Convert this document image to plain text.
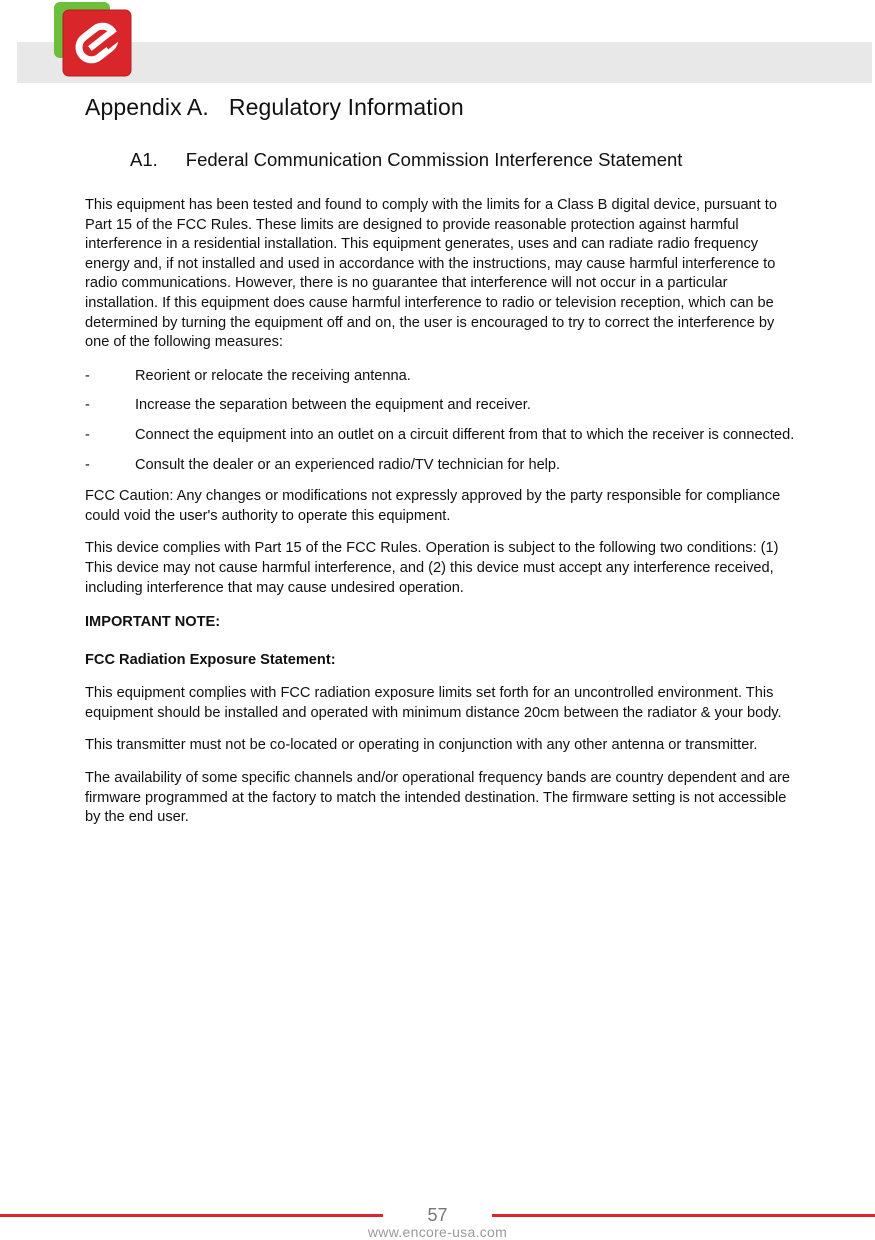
Appendix A. Regulatory Information
A1. Federal Communication Commission Interference Statement

This equipment has been tested and found to comply with the limits for a Class B digital device, pursuant to Part 15 of the FCC Rules. These limits are designed to provide reasonable protection against harmful interference in a residential installation. This equipment generates, uses and can radiate radio frequency energy and, if not installed and used in accordance with the instructions, may cause harmful interference to radio communications. However, there is no guarantee that interference will not occur in a particular installation. If this equipment does cause harmful interference to radio or television reception, which can be determined by turning the equipment off and on, the user is encouraged to try to correct the interference by one of the following measures:

-	Reorient or relocate the receiving antenna.

-	Increase the separation between the equipment and receiver.

-	Connect the equipment into an outlet on a circuit different from that to which the receiver is connected.

-	Consult the dealer or an experienced radio/TV technician for help.

FCC Caution: Any changes or modifications not expressly approved by the party responsible for compliance could void the user's authority to operate this equipment.

This device complies with Part 15 of the FCC Rules. Operation is subject to the following two conditions: (1) This device may not cause harmful interference, and (2) this device must accept any interference received, including interference that may cause undesired operation.

IMPORTANT NOTE:

FCC Radiation Exposure Statement:

This equipment complies with FCC radiation exposure limits set forth for an uncontrolled environment. This equipment should be installed and operated with minimum distance 20cm between the radiator & your body.

This transmitter must not be co-located or operating in conjunction with any other antenna or transmitter.

The availability of some specific channels and/or operational frequency bands are country dependent and are firmware programmed at the factory to match the intended destination. The firmware setting is not accessible by the end user.

57
www.encore-usa.com
